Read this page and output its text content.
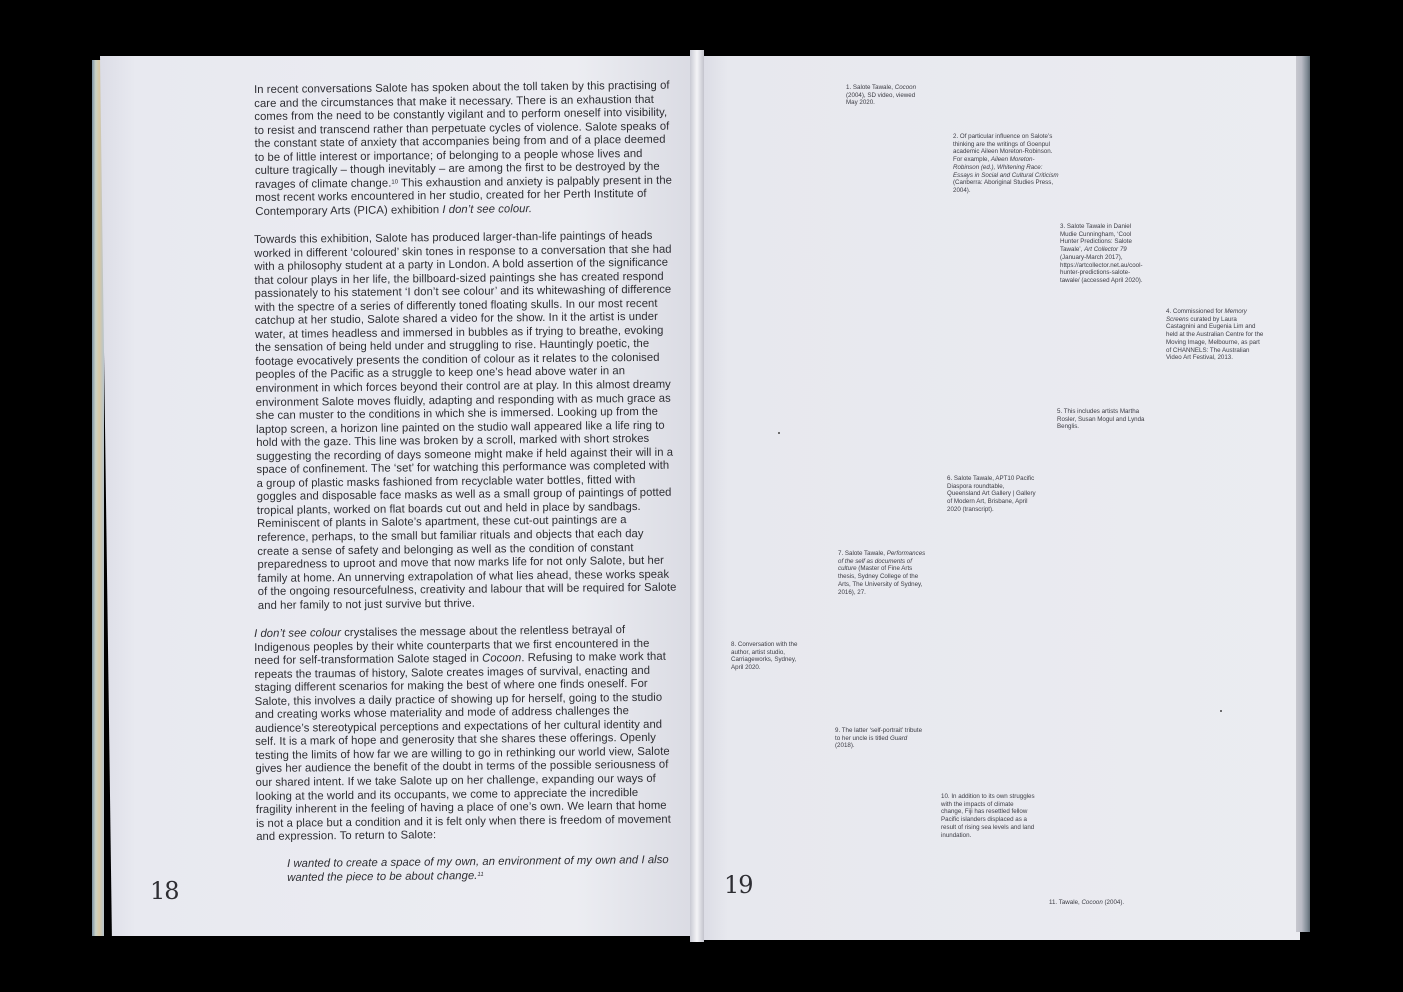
In recent conversations Salote has spoken about the toll taken by this practising of care and the circumstances that make it necessary. There is an exhaustion that comes from the need to be constantly vigilant and to perform oneself into visibility, to resist and transcend rather than perpetuate cycles of violence. Salote speaks of the constant state of anxiety that accompanies being from and of a place deemed to be of little interest or importance; of belonging to a people whose lives and culture tragically – though inevitably – are among the first to be destroyed by the ravages of climate change.$^{10}$ This exhaustion and anxiety is palpably present in the most recent works encountered in her studio, created for her Perth Institute of Contemporary Arts (PICA) exhibition I don’t see colour.

Towards this exhibition, Salote has produced larger-than-life paintings of heads worked in different ‘coloured’ skin tones in response to a conversation that she had with a philosophy student at a party in London. A bold assertion of the significance that colour plays in her life, the billboard-sized paintings she has created respond passionately to his statement ‘I don’t see colour’ and its whitewashing of difference with the spectre of a series of differently toned floating skulls. In our most recent catchup at her studio, Salote shared a video for the show. In it the artist is under water, at times headless and immersed in bubbles as if trying to breathe, evoking the sensation of being held under and struggling to rise. Hauntingly poetic, the footage evocatively presents the condition of colour as it relates to the colonised peoples of the Pacific as a struggle to keep one’s head above water in an environment in which forces beyond their control are at play. In this almost dreamy environment Salote moves fluidly, adapting and responding with as much grace as she can muster to the conditions in which she is immersed. Looking up from the laptop screen, a horizon line painted on the studio wall appeared like a life ring to hold with the gaze. This line was broken by a scroll, marked with short strokes suggesting the recording of days someone might make if held against their will in a space of confinement. The ‘set’ for watching this performance was completed with a group of plastic masks fashioned from recyclable water bottles, fitted with goggles and disposable face masks as well as a small group of paintings of potted tropical plants, worked on flat boards cut out and held in place by sandbags. Reminiscent of plants in Salote’s apartment, these cut-out paintings are a reference, perhaps, to the small but familiar rituals and objects that each day create a sense of safety and belonging as well as the condition of constant preparedness to uproot and move that now marks life for not only Salote, but her family at home. An unnerving extrapolation of what lies ahead, these works speak of the ongoing resourcefulness, creativity and labour that will be required for Salote and her family to not just survive but thrive.

I don’t see colour crystalises the message about the relentless betrayal of Indigenous peoples by their white counterparts that we first encountered in the need for self-transformation Salote staged in Cocoon. Refusing to make work that repeats the traumas of history, Salote creates images of survival, enacting and staging different scenarios for making the best of where one finds oneself. For Salote, this involves a daily practice of showing up for herself, going to the studio and creating works whose materiality and mode of address challenges the audience’s stereotypical perceptions and expectations of her cultural identity and self. It is a mark of hope and generosity that she shares these offerings. Openly testing the limits of how far we are willing to go in rethinking our world view, Salote gives her audience the benefit of the doubt in terms of the possible seriousness of our shared intent. If we take Salote up on her challenge, expanding our ways of looking at the world and its occupants, we come to appreciate the incredible fragility inherent in the feeling of having a place of one’s own. We learn that home is not a place but a condition and it is felt only when there is freedom of movement and expression. To return to Salote:

I wanted to create a space of my own, an environment of my own and I also wanted the piece to be about change.$^{11}$

18	19
1. Salote Tawale, Cocoon (2004), SD video, viewed May 2020.
2. Of particular influence on Salote’s thinking are the writings of Goenpul academic Aileen Moreton-Robinson. For example, Aileen Moreton-Robinson (ed.), Whitening Race: Essays in Social and Cultural Criticism (Canberra: Aboriginal Studies Press, 2004).
3. Salote Tawale in Daniel Mudie Cunningham, ‘Cool Hunter Predictions: Salote Tawale’, Art Collector 79 (January-March 2017), https://artcollector.net.au/cool-hunter-predictions-salote-tawale/ (accessed April 2020).
4. Commissioned for Memory Screens curated by Laura Castagnini and Eugenia Lim and held at the Australian Centre for the Moving Image, Melbourne, as part of CHANNELS: The Australian Video Art Festival, 2013.
5. This includes artists Martha Rosler, Susan Mogul and Lynda Benglis.
6. Salote Tawale, APT10 Pacific Diaspora roundtable, Queensland Art Gallery | Gallery of Modern Art, Brisbane, April 2020 (transcript).
7. Salote Tawale, Performances of the self as documents of culture (Master of Fine Arts thesis, Sydney College of the Arts, The University of Sydney, 2016), 27.
8. Conversation with the author, artist studio, Carriageworks, Sydney, April 2020.
9. The latter ‘self-portrait’ tribute to her uncle is titled Guard (2018).
10. In addition to its own struggles with the impacts of climate change, Fiji has resettled fellow Pacific islanders displaced as a result of rising sea levels and land inundation.
11. Tawale, Cocoon (2004).
